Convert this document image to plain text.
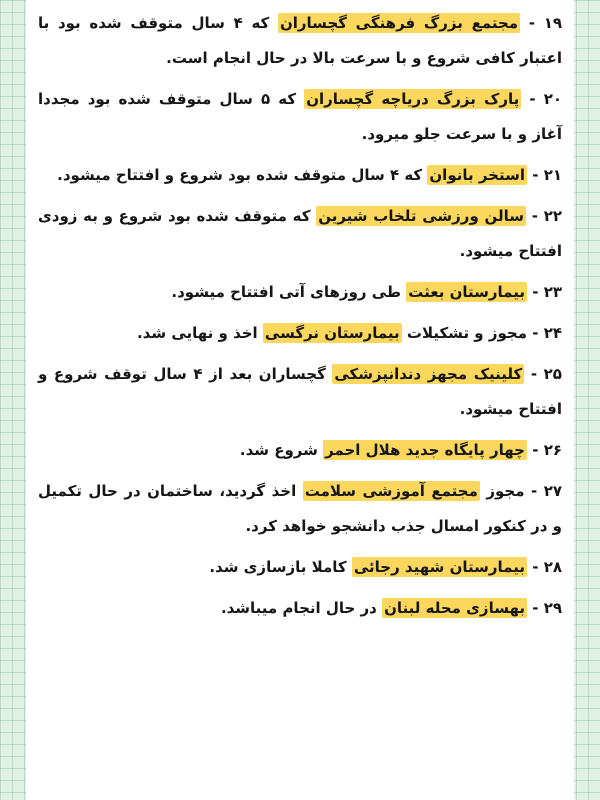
۱۹ - مجتمع بزرگ فرهنگی گچساران که ۴ سال متوقف شده بود با اعتبار کافی شروع و با سرعت بالا در حال انجام است.

۲۰ - پارک بزرگ دریاچه گچساران که ۵ سال متوقف شده بود مجددا آغاز و با سرعت جلو میرود.

۲۱ - استخر بانوان که ۴ سال متوقف شده بود شروع و افتتاح میشود.

۲۲ - سالن ورزشی تلخاب شیرین که متوقف شده بود شروع و به زودی افتتاح میشود.

۲۳ - بیمارستان بعثت طی روزهای آتی افتتاح میشود.

۲۴ - مجوز و تشکیلات بیمارستان نرگسی اخذ و نهایی شد.

۲۵ - کلینیک مجهز دندانپزشکی گچساران بعد از ۴ سال توقف شروع و افتتاح میشود.

۲۶ - چهار پایگاه جدید هلال احمر شروع شد.

۲۷ - مجوز مجتمع آموزشی سلامت اخذ گردید، ساختمان در حال تکمیل و در کنکور امسال جذب دانشجو خواهد کرد.

۲۸ - بیمارستان شهید رجائی کاملا بازسازی شد.

۲۹ - بهسازی محله لبنان در حال انجام میباشد.
